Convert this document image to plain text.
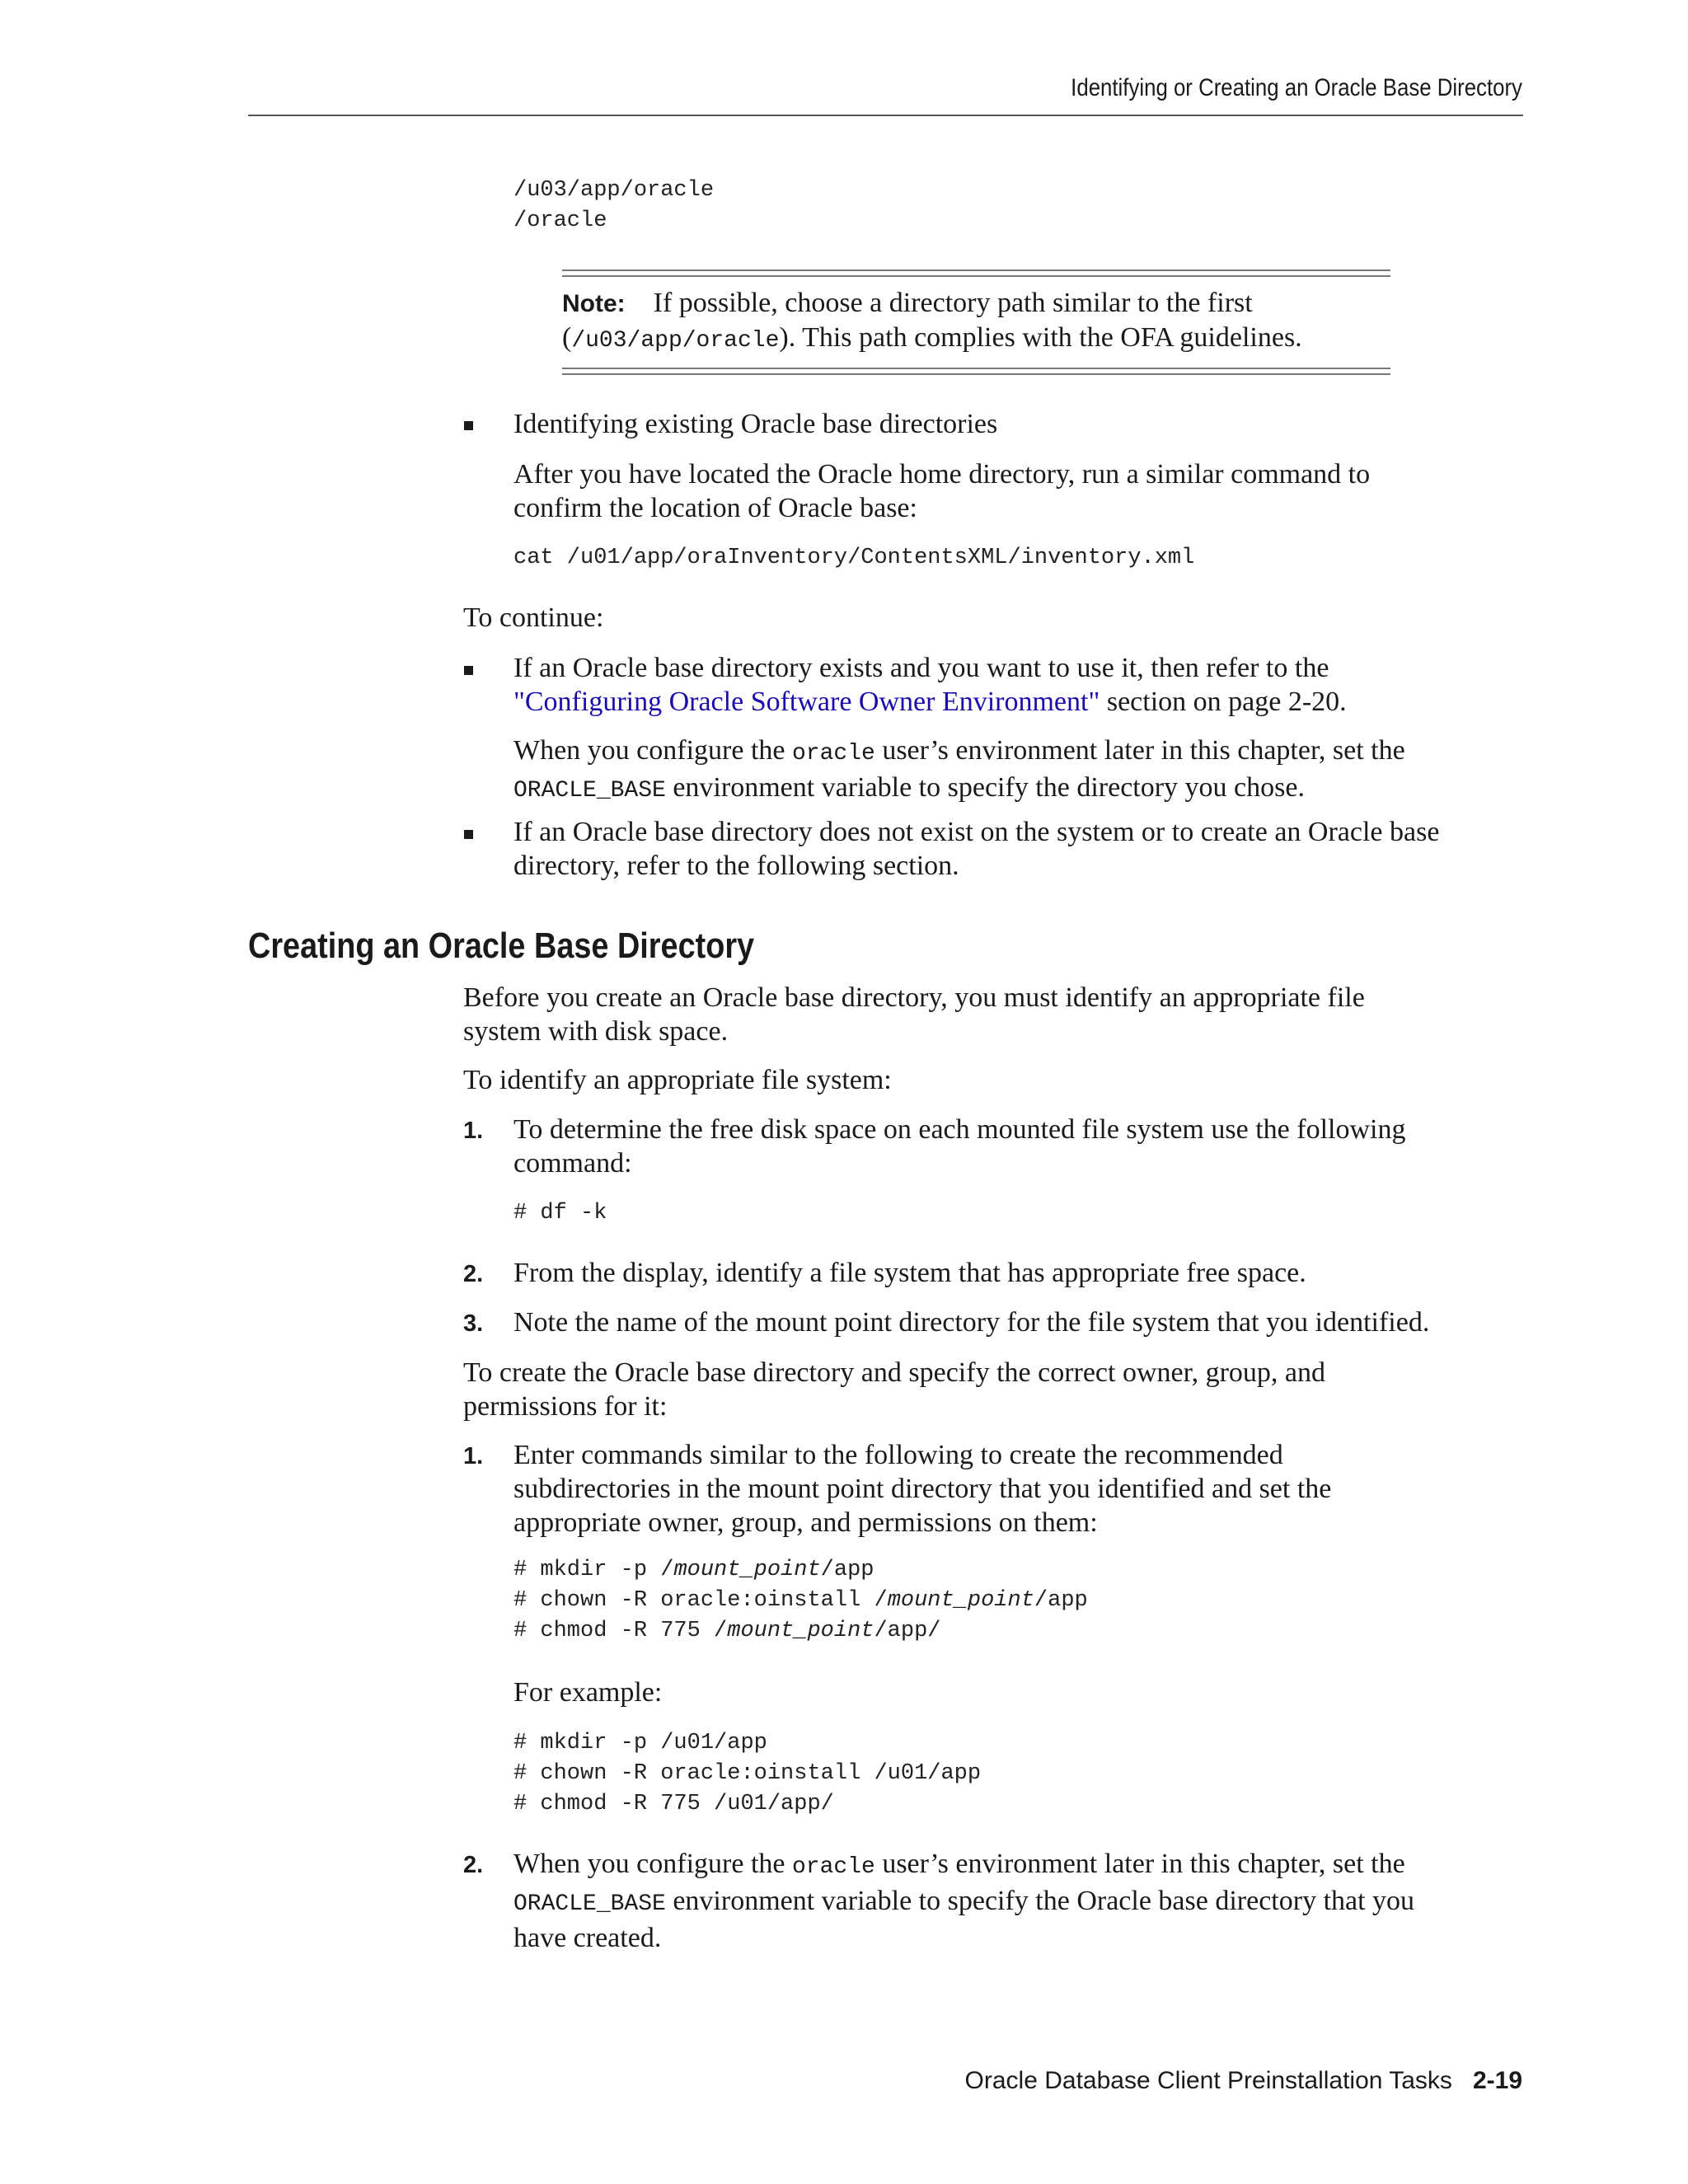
Identifying or Creating an Oracle Base Directory
/u03/app/oracle
/oracle
Note: If possible, choose a directory path similar to the first
(/u03/app/oracle). This path complies with the OFA guidelines.
Identifying existing Oracle base directories
After you have located the Oracle home directory, run a similar command to
confirm the location of Oracle base:
cat /u01/app/oraInventory/ContentsXML/inventory.xml
To continue:
If an Oracle base directory exists and you want to use it, then refer to the
"Configuring Oracle Software Owner Environment" section on page 2-20.
When you configure the oracle user’s environment later in this chapter, set the
ORACLE_BASE environment variable to specify the directory you chose.
If an Oracle base directory does not exist on the system or to create an Oracle base
directory, refer to the following section.
Creating an Oracle Base Directory
Before you create an Oracle base directory, you must identify an appropriate file
system with disk space.
To identify an appropriate file system:
1. To determine the free disk space on each mounted file system use the following
command:
# df -k
2. From the display, identify a file system that has appropriate free space.
3. Note the name of the mount point directory for the file system that you identified.
To create the Oracle base directory and specify the correct owner, group, and
permissions for it:
1. Enter commands similar to the following to create the recommended
subdirectories in the mount point directory that you identified and set the
appropriate owner, group, and permissions on them:
# mkdir -p /mount_point/app
# chown -R oracle:oinstall /mount_point/app
# chmod -R 775 /mount_point/app/
For example:
# mkdir -p /u01/app
# chown -R oracle:oinstall /u01/app
# chmod -R 775 /u01/app/
2. When you configure the oracle user’s environment later in this chapter, set the
ORACLE_BASE environment variable to specify the Oracle base directory that you
have created.
Oracle Database Client Preinstallation Tasks 2-19
